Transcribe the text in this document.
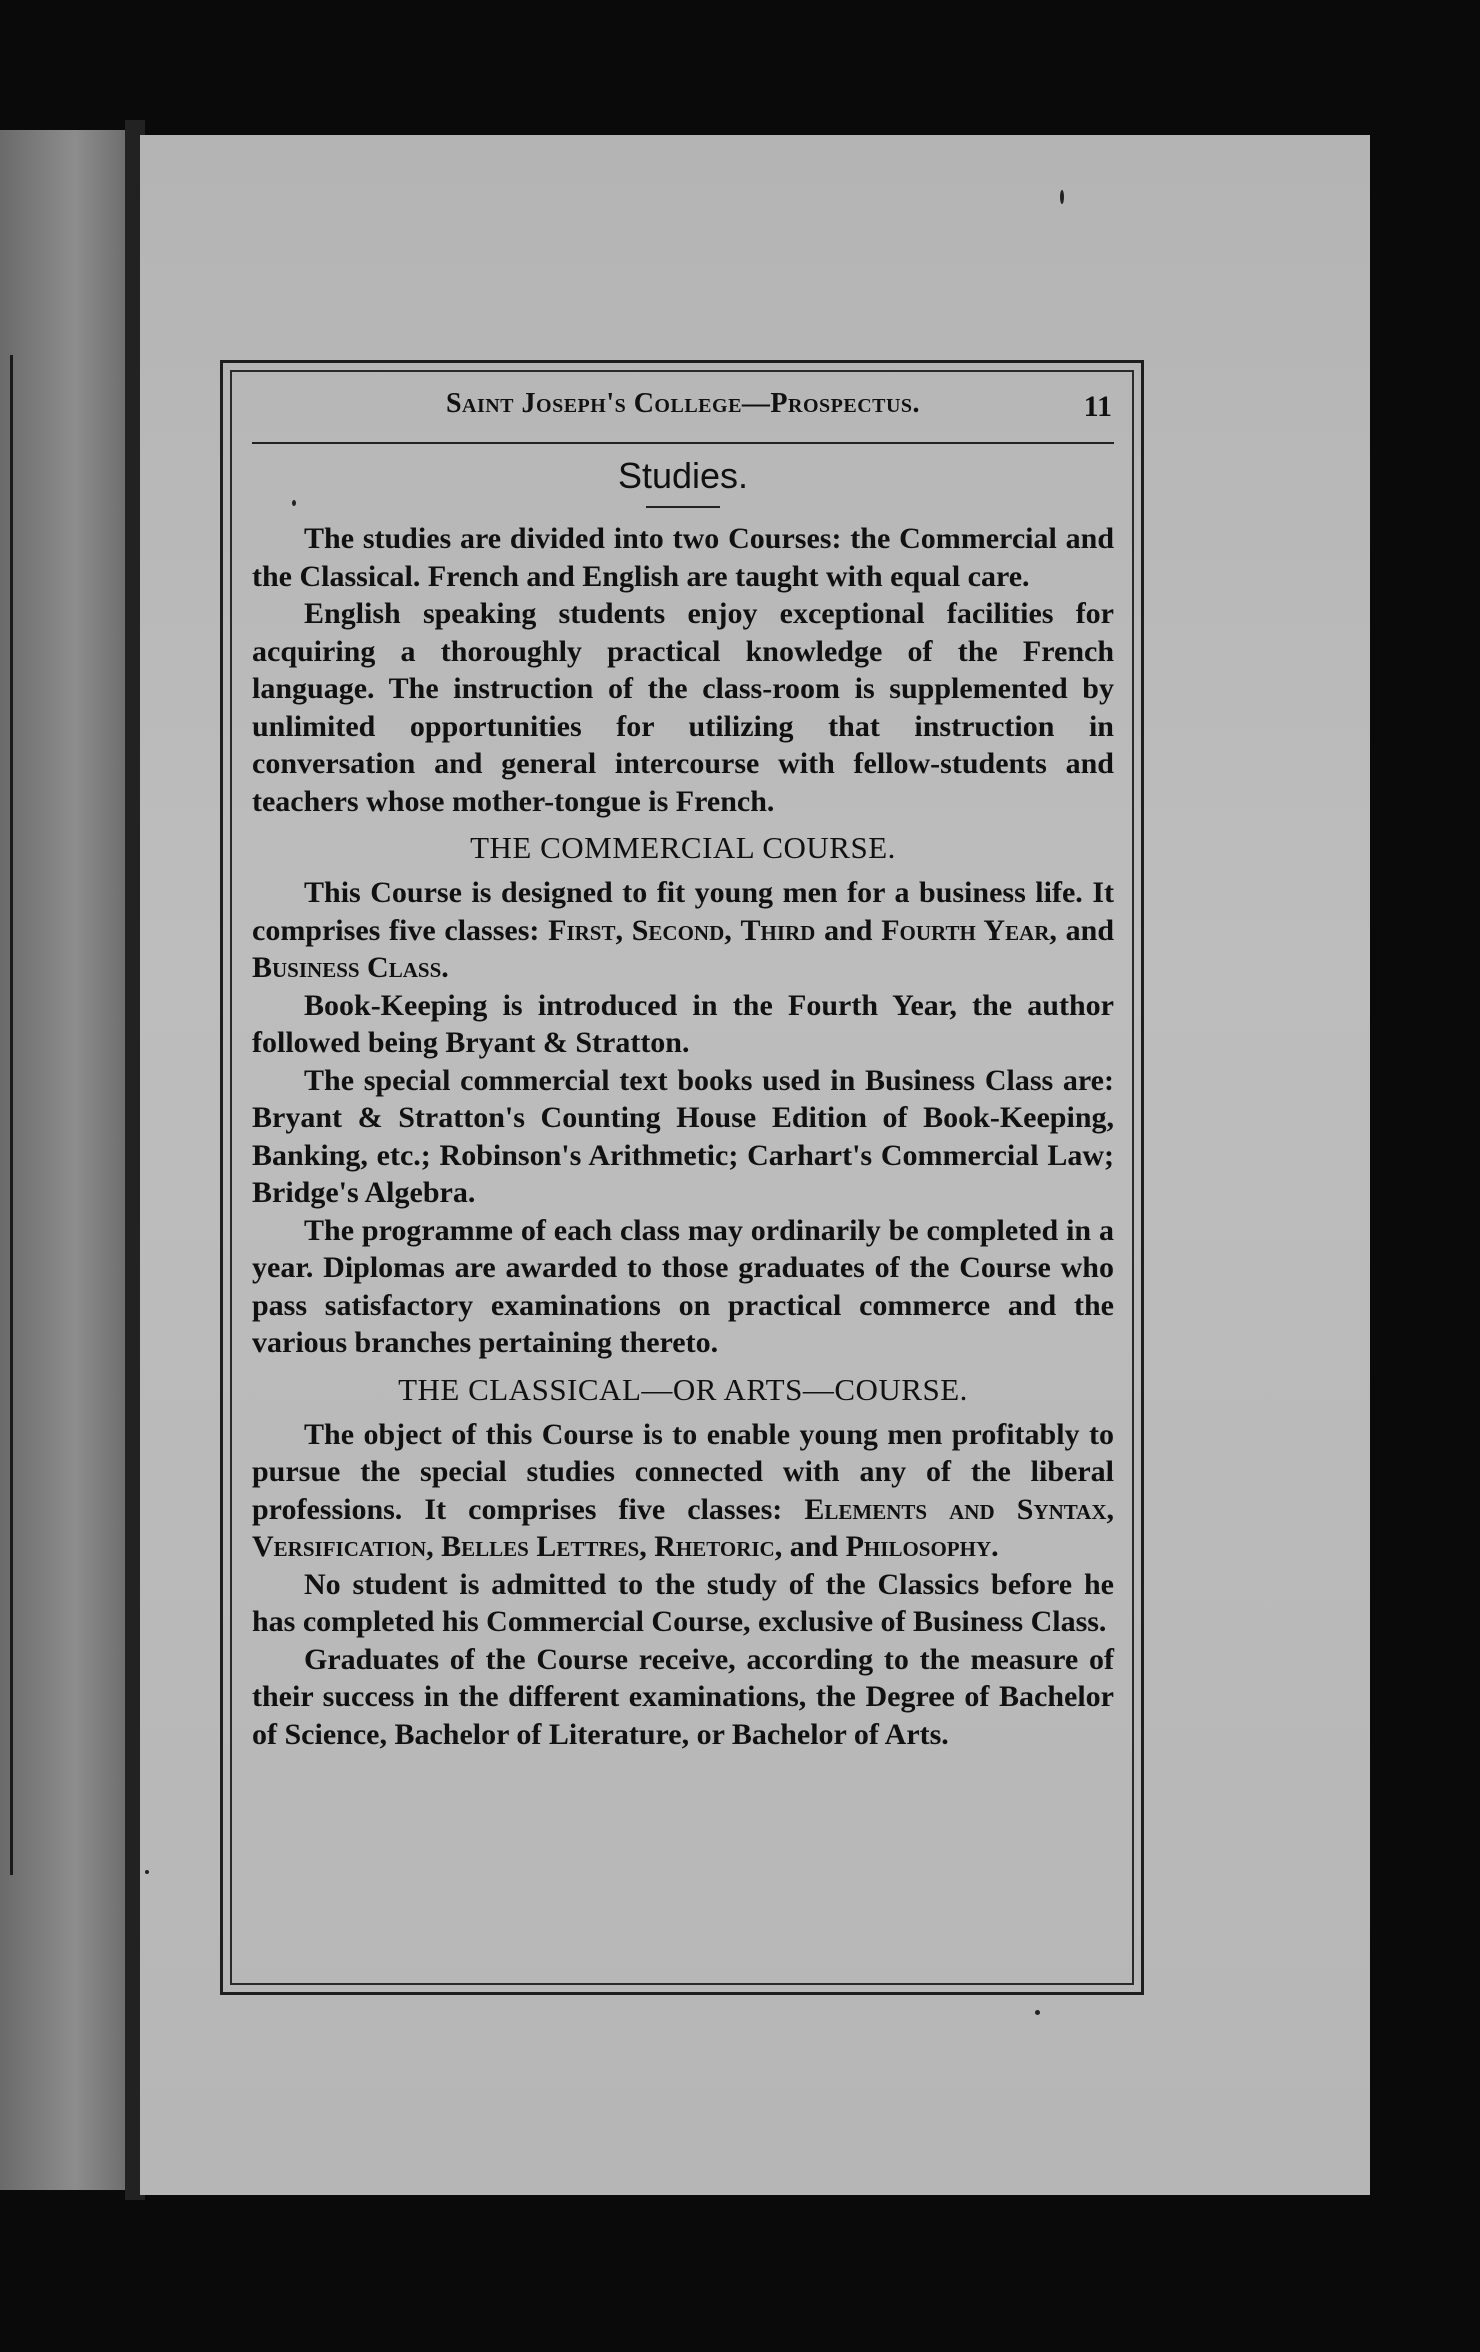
Saint Joseph's College—Prospectus.	11
Studies.

The studies are divided into two Courses: the Commercial and the Classical. French and English are taught with equal care.

English speaking students enjoy exceptional facilities for acquiring a thoroughly practical knowledge of the French language. The instruction of the class-room is supplemented by unlimited opportunities for utilizing that instruction in conversation and general intercourse with fellow-students and teachers whose mother-tongue is French.

THE COMMERCIAL COURSE.

This Course is designed to fit young men for a business life. It comprises five classes: First, Second, Third and Fourth Year, and Business Class.

Book-Keeping is introduced in the Fourth Year, the author followed being Bryant & Stratton.

The special commercial text books used in Business Class are: Bryant & Stratton's Counting House Edition of Book-Keeping, Banking, etc.; Robinson's Arithmetic; Carhart's Commercial Law; Bridge's Algebra.

The programme of each class may ordinarily be completed in a year. Diplomas are awarded to those graduates of the Course who pass satisfactory examinations on practical commerce and the various branches pertaining thereto.

THE CLASSICAL—OR ARTS—COURSE.

The object of this Course is to enable young men profitably to pursue the special studies connected with any of the liberal professions. It comprises five classes: Elements and Syntax, Versification, Belles Lettres, Rhetoric, and Philosophy.

No student is admitted to the study of the Classics before he has completed his Commercial Course, exclusive of Business Class.

Graduates of the Course receive, according to the measure of their success in the different examinations, the Degree of Bachelor of Science, Bachelor of Literature, or Bachelor of Arts.
